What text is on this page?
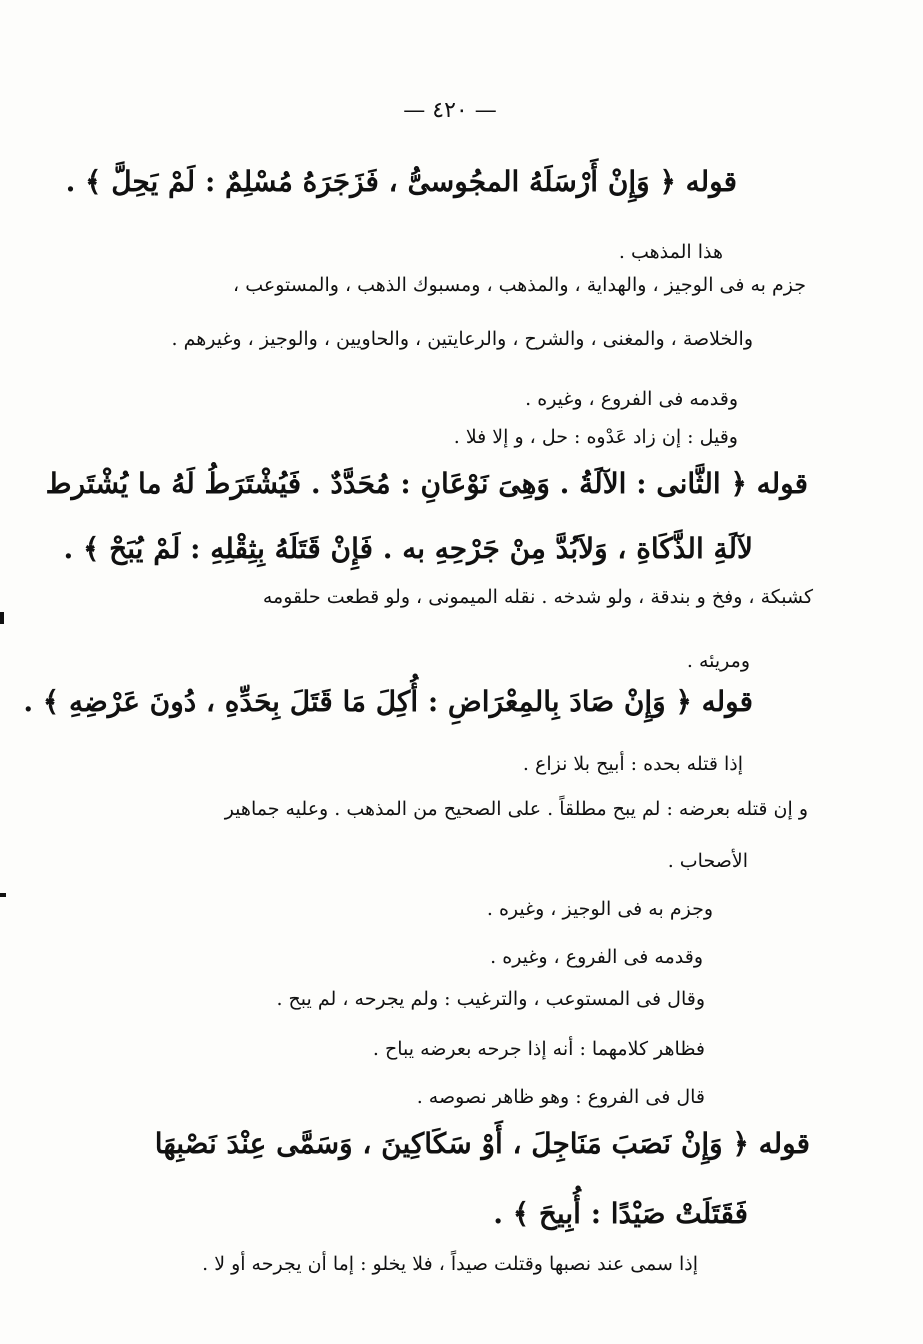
— ٤٢٠ —
قوله ﴿ وَإِنْ أَرْسَلَهُ المجُوسىُّ ، فَزَجَرَهُ مُسْلِمٌ : لَمْ يَحِلَّ ﴾ .
هذا المذهب .
جزم به فى الوجيز ، والهداية ، والمذهب ، ومسبوك الذهب ، والمستوعب ،
والخلاصة ، والمغنى ، والشرح ، والرعايتين ، والحاويين ، والوجيز ، وغيرهم .
وقدمه فى الفروع ، وغيره .
وقيل : إن زاد عَدْوه : حل ، و إلا فلا .
قوله ﴿ الثَّانى : الآلَةُ . وَهِىَ نَوْعَانِ : مُحَدَّدٌ . فَيُشْتَرَطُ لَهُ ما يُشْتَرط
لآلَةِ الذَّكَاةِ ، وَلاَبُدَّ مِنْ جَرْحِهِ به . فَإِنْ قَتَلَهُ بِثِقْلِهِ : لَمْ يُبَحْ ﴾ .
كشبكة ، وفخ و بندقة ، ولو شدخه . نقله الميمونى ، ولو قطعت حلقومه
ومريئه .
قوله ﴿ وَإِنْ صَادَ بِالمِعْرَاضِ : أُكِلَ مَا قَتَلَ بِحَدِّهِ ، دُونَ عَرْضِهِ ﴾ .
إذا قتله بحده : أبيح بلا نزاع .
و إن قتله بعرضه : لم يبح مطلقاً . على الصحيح من المذهب . وعليه جماهير
الأصحاب .
وجزم به فى الوجيز ، وغيره .
وقدمه فى الفروع ، وغيره .
وقال فى المستوعب ، والترغيب : ولم يجرحه ، لم يبح .
فظاهر كلامهما : أنه إذا جرحه بعرضه يباح .
قال فى الفروع : وهو ظاهر نصوصه .
قوله ﴿ وَإِنْ نَصَبَ مَنَاجِلَ ، أَوْ سَكَاكِينَ ، وَسَمَّى عِنْدَ نَصْبِهَا
فَقَتَلَتْ صَيْدًا : أُبِيحَ ﴾ .
إذا سمى عند نصبها وقتلت صيداً ، فلا يخلو : إما أن يجرحه أو لا .
